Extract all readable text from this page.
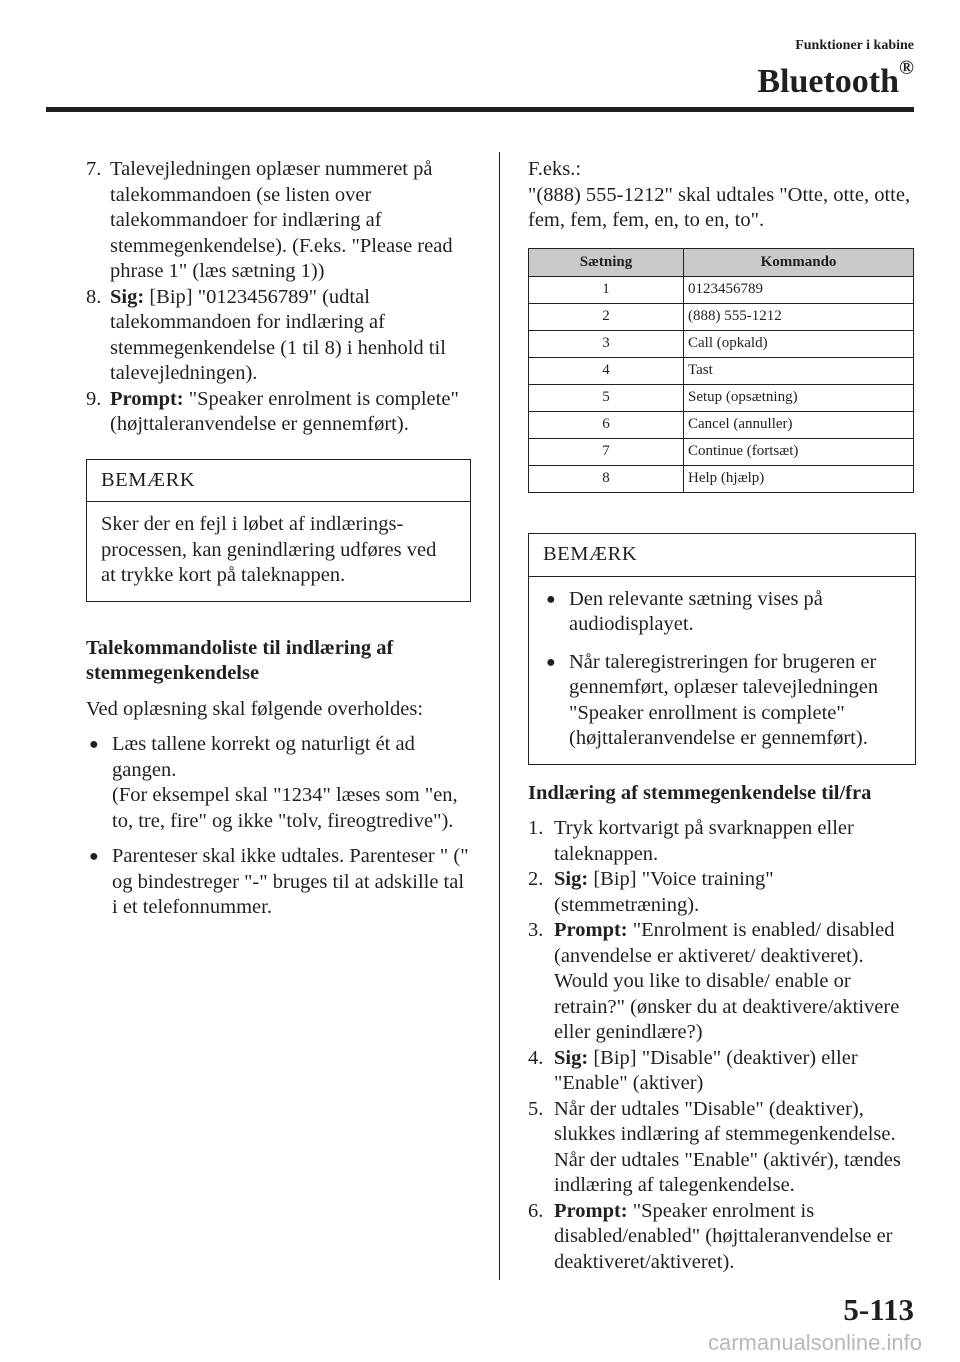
Funktioner i kabine
Bluetooth®
7. Talevejledningen oplæser nummeret på talekommandoen (se listen over talekommandoer for indlæring af stemmegenkendelse). (F.eks. "Please read phrase 1" (læs sætning 1))
8. Sig: [Bip] "0123456789" (udtal talekommandoen for indlæring af stemmegenkendelse (1 til 8) i henhold til talevejledningen).
9. Prompt: "Speaker enrolment is complete" (højttaleranvendelse er gennemført).
BEMÆRK
Sker der en fejl i løbet af indlærings-processen, kan genindlæring udføres ved at trykke kort på taleknappen.
Talekommandoliste til indlæring af stemmegenkendelse

Ved oplæsning skal følgende overholdes:

● Læs tallene korrekt og naturligt ét ad gangen.
(For eksempel skal "1234" læses som "en, to, tre, fire" og ikke "tolv, fireogtredive").
● Parenteser skal ikke udtales. Parenteser " (" og bindestreger "-" bruges til at adskille tal i et telefonnummer.

F.eks.:

"(888) 555-1212" skal udtales "Otte, otte, otte, fem, fem, fem, en, to en, to".

Sætning	Kommando
1	0123456789
2	(888) 555-1212
3	Call (opkald)
4	Tast
5	Setup (opsætning)
6	Cancel (annuller)
7	Continue (fortsæt)
8	Help (hjælp)
BEMÆRK
● Den relevante sætning vises på audiodisplayet.
● Når taleregistreringen for brugeren er gennemført, oplæser talevejledningen "Speaker enrollment is complete" (højttaleranvendelse er gennemført).
Indlæring af stemmegenkendelse til/fra
1. Tryk kortvarigt på svarknappen eller taleknappen.
2. Sig: [Bip] "Voice training" (stemmetræning).
3. Prompt: "Enrolment is enabled/ disabled (anvendelse er aktiveret/ deaktiveret). Would you like to disable/ enable or retrain?" (ønsker du at deaktivere/aktivere eller genindlære?)
4. Sig: [Bip] "Disable" (deaktiver) eller "Enable" (aktiver)
5. Når der udtales "Disable" (deaktiver), slukkes indlæring af stemmegenkendelse. Når der udtales "Enable" (aktivér), tændes indlæring af talegenkendelse.
6. Prompt: "Speaker enrolment is disabled/enabled" (højttaleranvendelse er deaktiveret/aktiveret).
5-113
carmanualsonline.info
